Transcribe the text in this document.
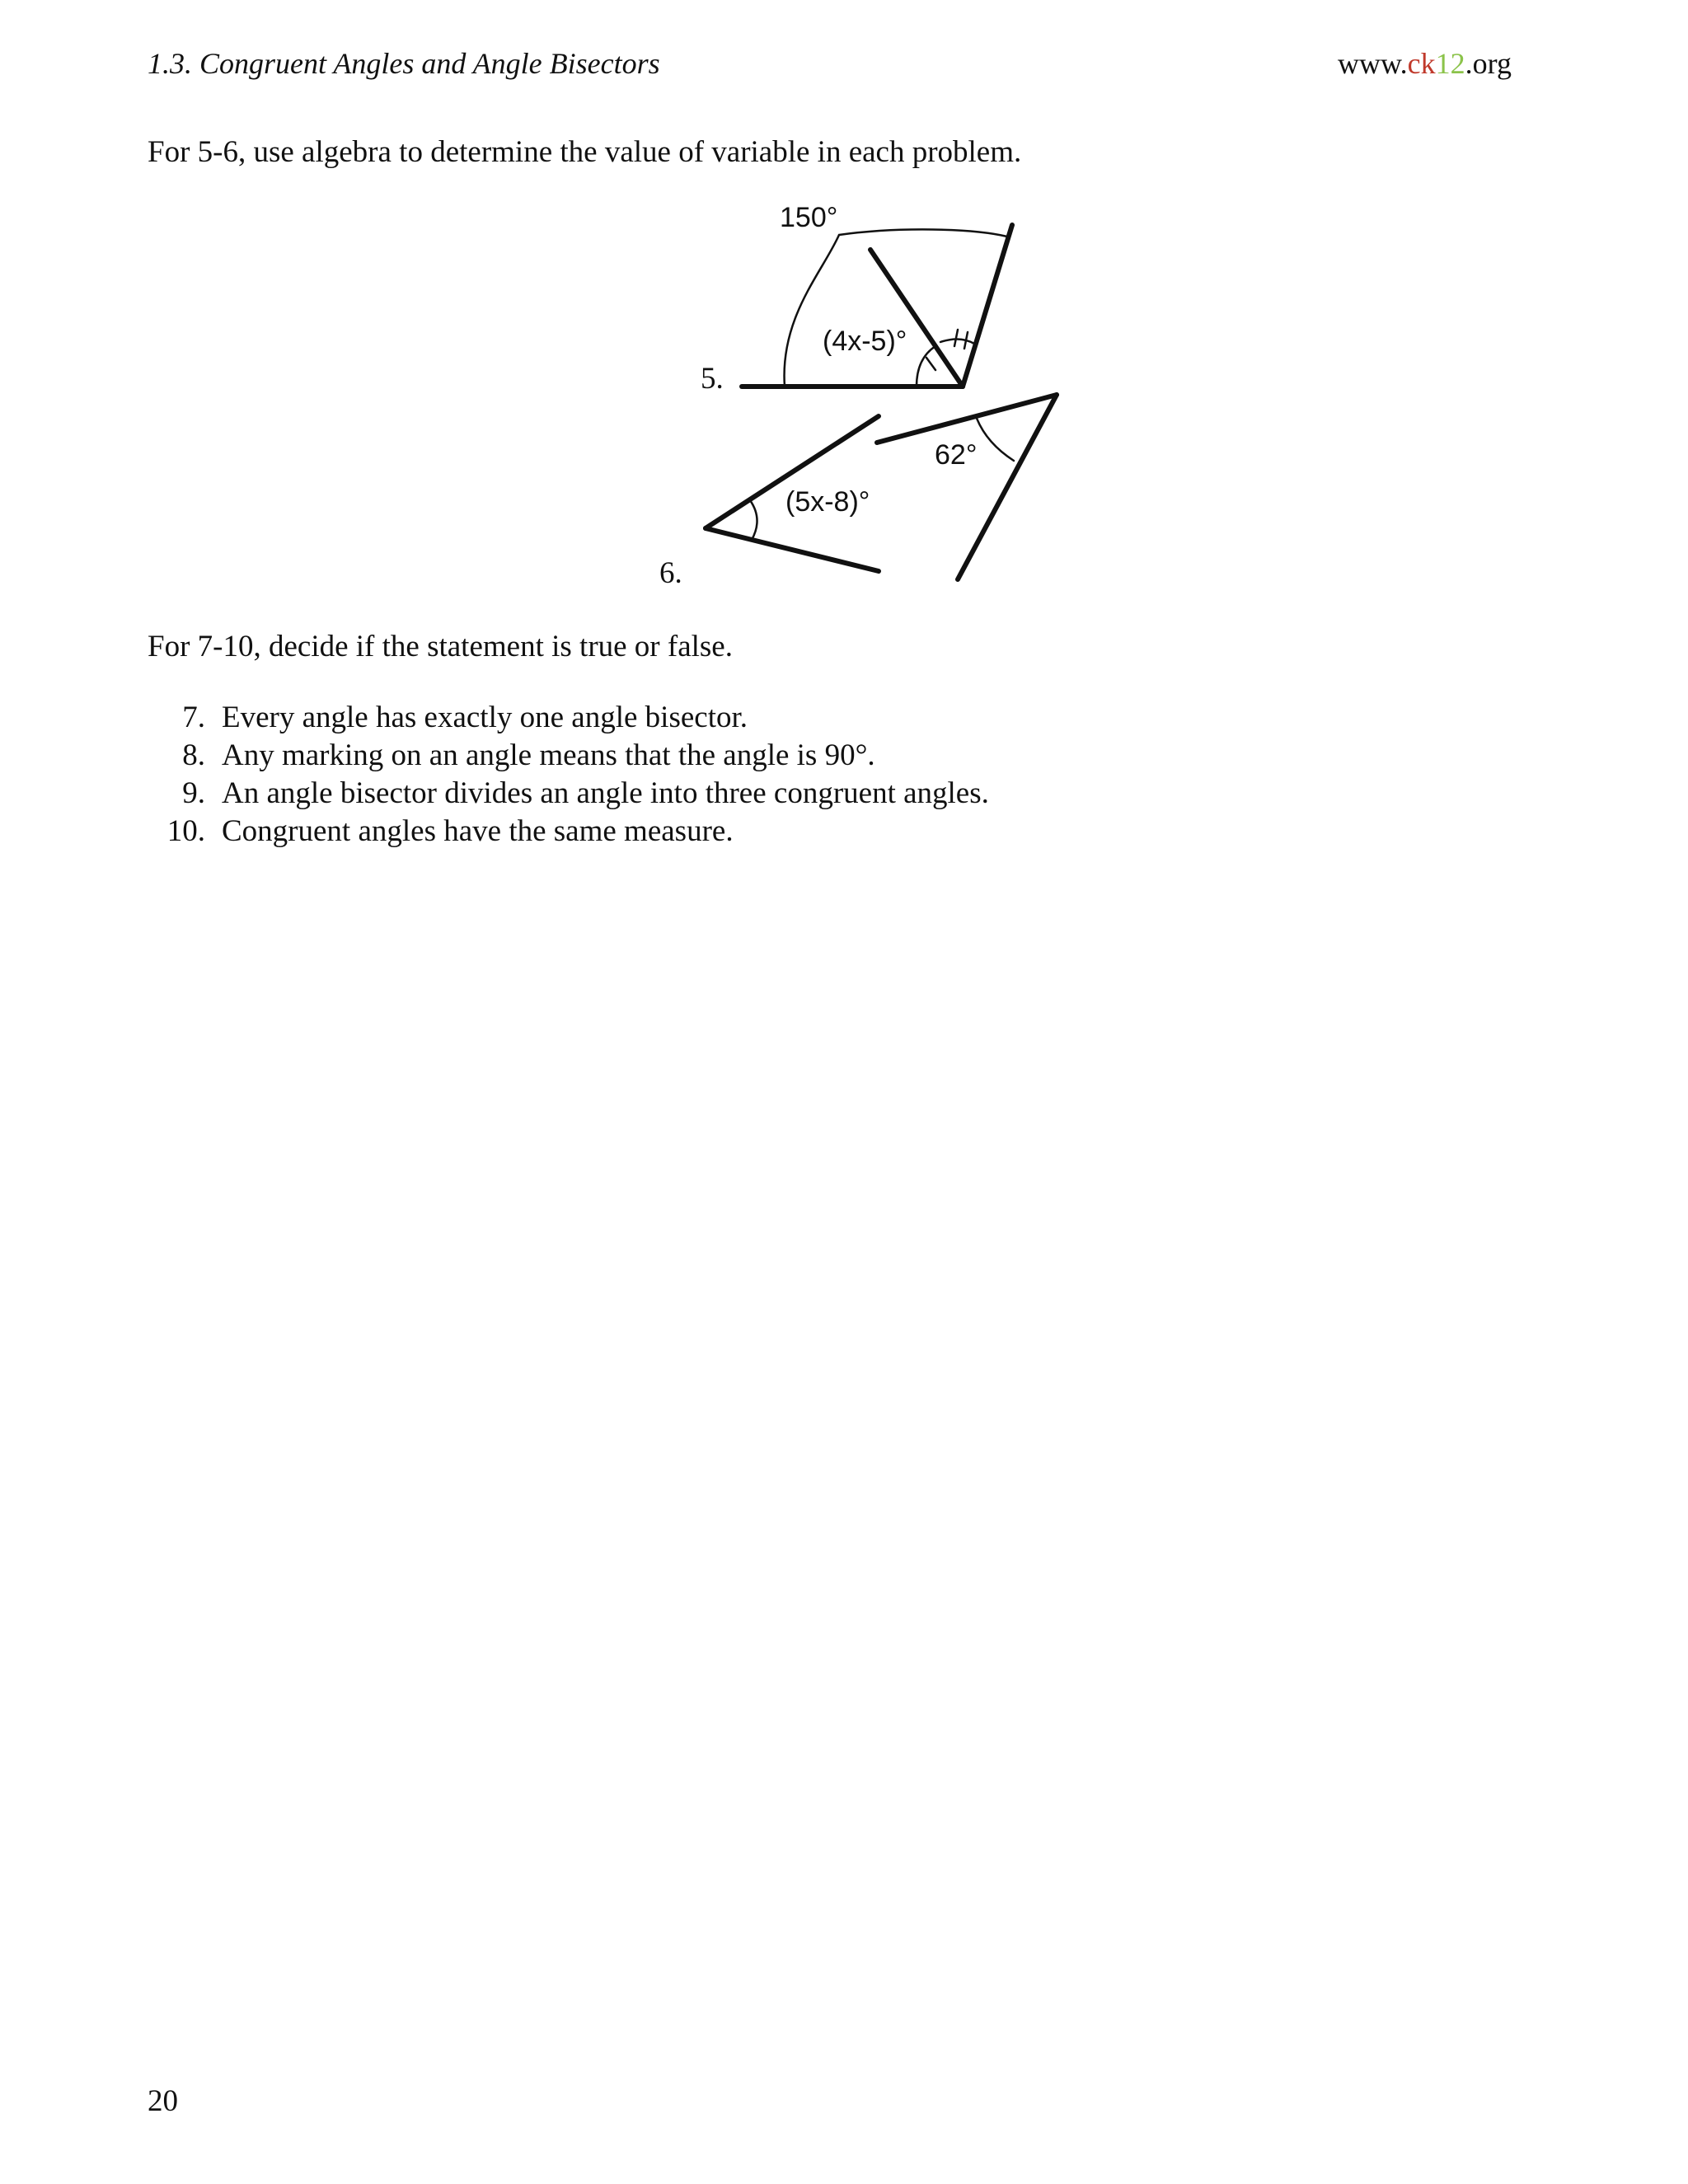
1.3. Congruent Angles and Angle Bisectors	www.ck12.org
For 5-6, use algebra to determine the value of variable in each problem.
5.
6.
150°
(4x-5)°
(5x-8)°
62°
For 7-10, decide if the statement is true or false.
7. Every angle has exactly one angle bisector.
8. Any marking on an angle means that the angle is 90°.
9. An angle bisector divides an angle into three congruent angles.
10. Congruent angles have the same measure.
20
